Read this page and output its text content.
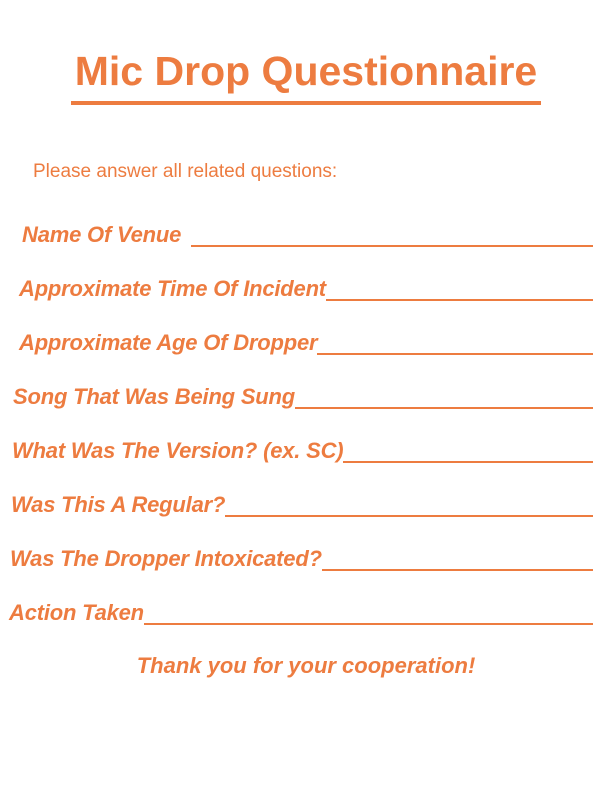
Mic Drop Questionnaire

Please answer all related questions:

Name Of Venue
Approximate Time Of Incident
Approximate Age Of Dropper
Song That Was Being Sung
What Was The Version? (ex. SC)
Was This A Regular?
Was The Dropper Intoxicated?
Action Taken

Thank you for your cooperation!
